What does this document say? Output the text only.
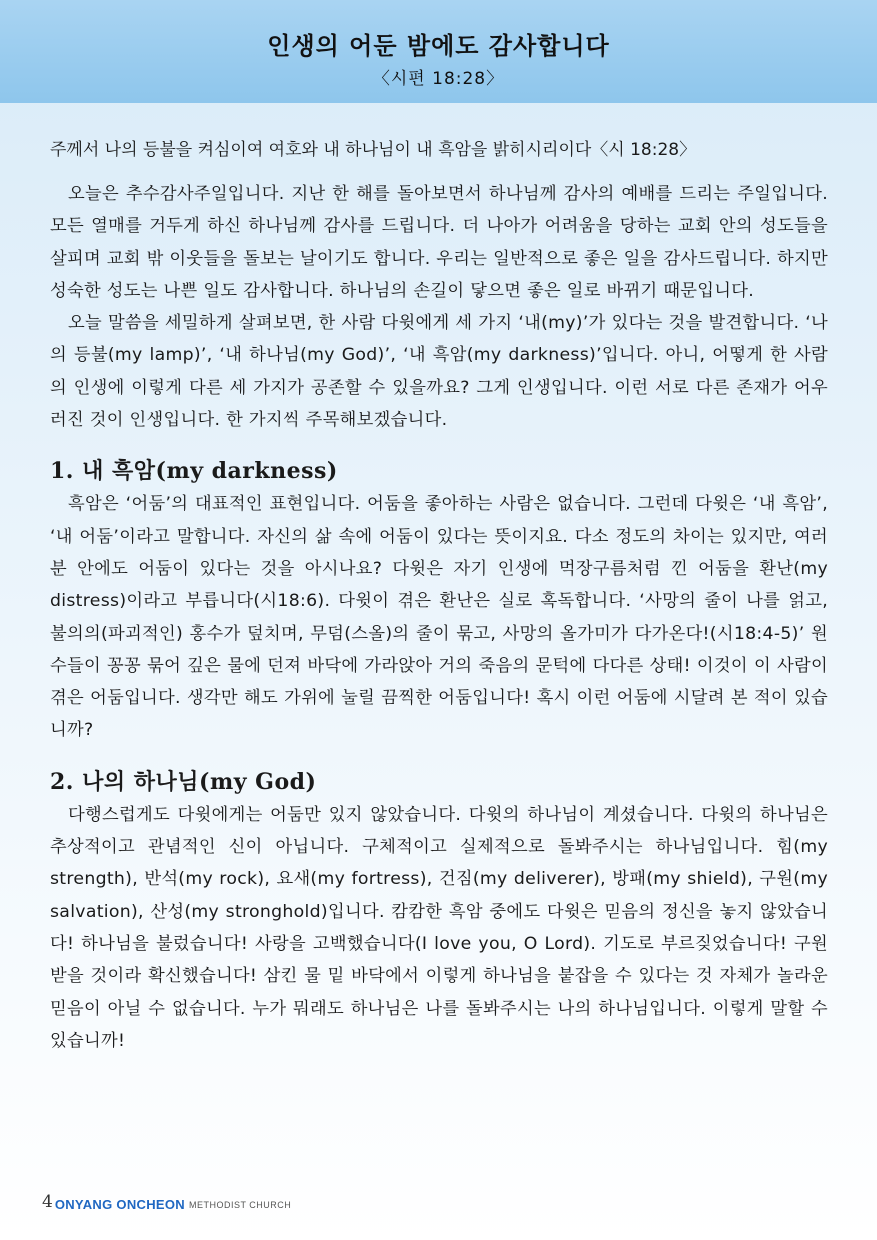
인생의 어둔 밤에도 감사합니다
〈시편 18:28〉
주께서 나의 등불을 켜심이여 여호와 내 하나님이 내 흑암을 밝히시리이다〈시 18:28〉

오늘은 추수감사주일입니다. 지난 한 해를 돌아보면서 하나님께 감사의 예배를 드리는 주일입니다. 모든 열매를 거두게 하신 하나님께 감사를 드립니다. 더 나아가 어려움을 당하는 교회 안의 성도들을 살피며 교회 밖 이웃들을 돌보는 날이기도 합니다. 우리는 일반적으로 좋은 일을 감사드립니다. 하지만 성숙한 성도는 나쁜 일도 감사합니다. 하나님의 손길이 닿으면 좋은 일로 바뀌기 때문입니다.

오늘 말씀을 세밀하게 살펴보면, 한 사람 다윗에게 세 가지 ‘내(my)’가 있다는 것을 발견합니다. ‘나의 등불(my lamp)’, ‘내 하나님(my God)’, ‘내 흑암(my darkness)’입니다. 아니, 어떻게 한 사람의 인생에 이렇게 다른 세 가지가 공존할 수 있을까요? 그게 인생입니다. 이런 서로 다른 존재가 어우러진 것이 인생입니다. 한 가지씩 주목해보겠습니다.

1. 내 흑암(my darkness)

흑암은 ‘어둠’의 대표적인 표현입니다. 어둠을 좋아하는 사람은 없습니다. 그런데 다윗은 ‘내 흑암’, ‘내 어둠’이라고 말합니다. 자신의 삶 속에 어둠이 있다는 뜻이지요. 다소 정도의 차이는 있지만, 여러분 안에도 어둠이 있다는 것을 아시나요? 다윗은 자기 인생에 먹장구름처럼 낀 어둠을 환난(my distress)이라고 부릅니다(시18:6). 다윗이 겪은 환난은 실로 혹독합니다. ‘사망의 줄이 나를 얽고, 불의의(파괴적인) 홍수가 덮치며, 무덤(스올)의 줄이 묶고, 사망의 올가미가 다가온다!(시18:4-5)’ 원수들이 꽁꽁 묶어 깊은 물에 던져 바닥에 가라앉아 거의 죽음의 문턱에 다다른 상태! 이것이 이 사람이 겪은 어둠입니다. 생각만 해도 가위에 눌릴 끔찍한 어둠입니다! 혹시 이런 어둠에 시달려 본 적이 있습니까?

2. 나의 하나님(my God)

다행스럽게도 다윗에게는 어둠만 있지 않았습니다. 다윗의 하나님이 계셨습니다. 다윗의 하나님은 추상적이고 관념적인 신이 아닙니다. 구체적이고 실제적으로 돌봐주시는 하나님입니다. 힘(my strength), 반석(my rock), 요새(my fortress), 건짐(my deliverer), 방패(my shield), 구원(my salvation), 산성(my stronghold)입니다. 캄캄한 흑암 중에도 다윗은 믿음의 정신을 놓지 않았습니다! 하나님을 불렀습니다! 사랑을 고백했습니다(I love you, O Lord). 기도로 부르짖었습니다! 구원받을 것이라 확신했습니다! 삼킨 물 밑 바닥에서 이렇게 하나님을 붙잡을 수 있다는 것 자체가 놀라운 믿음이 아닐 수 없습니다. 누가 뭐래도 하나님은 나를 돌봐주시는 나의 하나님입니다. 이렇게 말할 수 있습니까!

4 ONYANG ONCHEON METHODIST CHURCH
